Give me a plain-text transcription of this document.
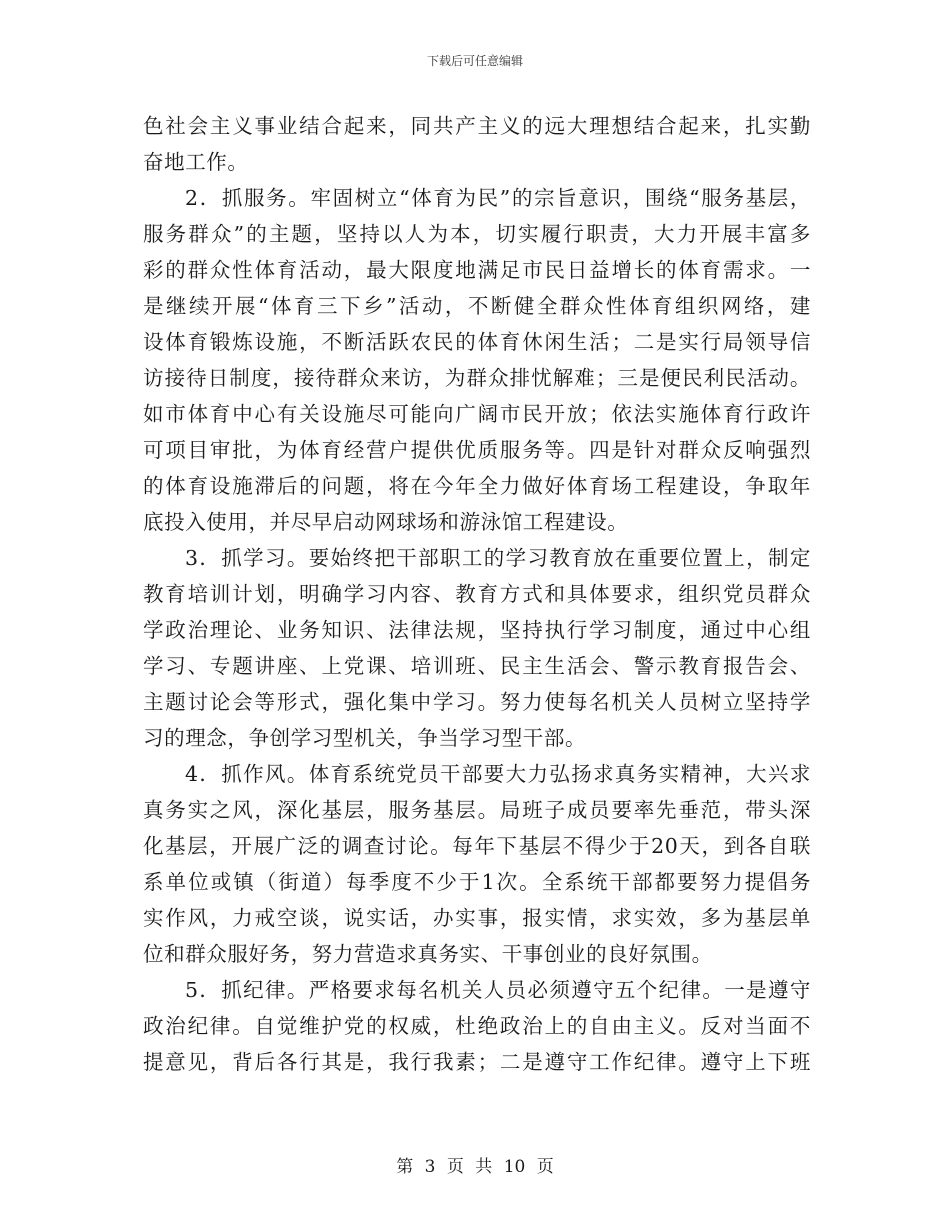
下载后可任意编辑
色社会主义事业结合起来，同共产主义的远大理想结合起来，扎实勤
奋地工作。
2．抓服务。牢固树立“体育为民”的宗旨意识，围绕“服务基层，
服务群众”的主题，坚持以人为本，切实履行职责，大力开展丰富多
彩的群众性体育活动，最大限度地满足市民日益增长的体育需求。一
是继续开展“体育三下乡”活动，不断健全群众性体育组织网络，建
设体育锻炼设施，不断活跃农民的体育休闲生活；二是实行局领导信
访接待日制度，接待群众来访，为群众排忧解难；三是便民利民活动。
如市体育中心有关设施尽可能向广阔市民开放；依法实施体育行政许
可项目审批，为体育经营户提供优质服务等。四是针对群众反响强烈
的体育设施滞后的问题，将在今年全力做好体育场工程建设，争取年
底投入使用，并尽早启动网球场和游泳馆工程建设。
3．抓学习。要始终把干部职工的学习教育放在重要位置上，制定
教育培训计划，明确学习内容、教育方式和具体要求，组织党员群众
学政治理论、业务知识、法律法规，坚持执行学习制度，通过中心组
学习、专题讲座、上党课、培训班、民主生活会、警示教育报告会、
主题讨论会等形式，强化集中学习。努力使每名机关人员树立坚持学
习的理念，争创学习型机关，争当学习型干部。
4．抓作风。体育系统党员干部要大力弘扬求真务实精神，大兴求
真务实之风，深化基层，服务基层。局班子成员要率先垂范，带头深
化基层，开展广泛的调查讨论。每年下基层不得少于20天，到各自联
系单位或镇（街道）每季度不少于1次。全系统干部都要努力提倡务
实作风，力戒空谈，说实话，办实事，报实情，求实效，多为基层单
位和群众服好务，努力营造求真务实、干事创业的良好氛围。
5．抓纪律。严格要求每名机关人员必须遵守五个纪律。一是遵守
政治纪律。自觉维护党的权威，杜绝政治上的自由主义。反对当面不
提意见，背后各行其是，我行我素；二是遵守工作纪律。遵守上下班
第 3 页 共 10 页
